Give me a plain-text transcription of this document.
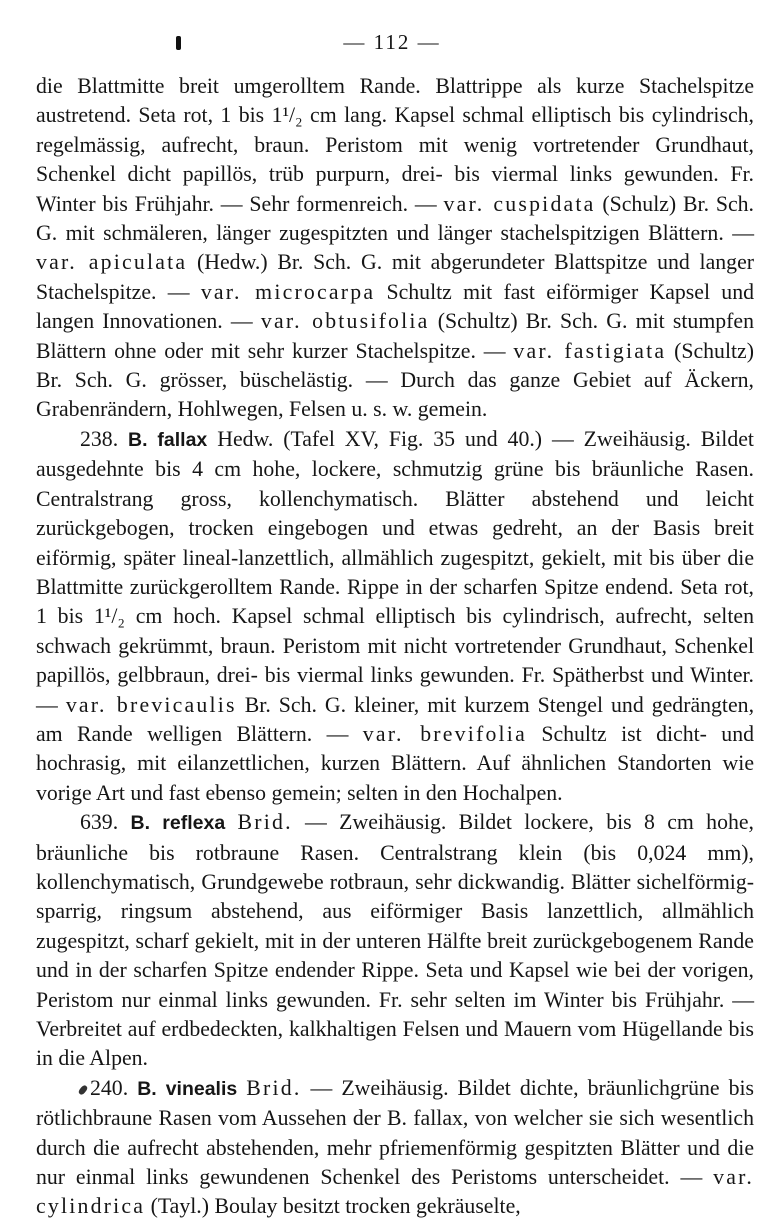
— 112 —

die Blattmitte breit umgerolltem Rande. Blattrippe als kurze Stachelspitze austretend. Seta rot, 1 bis 1¹/₂ cm lang. Kapsel schmal elliptisch bis cylindrisch, regelmässig, aufrecht, braun. Peristom mit wenig vortretender Grundhaut, Schenkel dicht papillös, trüb purpurn, drei- bis viermal links gewunden. Fr. Winter bis Frühjahr. — Sehr formenreich. — var. cuspidata (Schulz) Br. Sch. G. mit schmäleren, länger zugespitzten und länger stachelspitzigen Blättern. — var. apiculata (Hedw.) Br. Sch. G. mit abgerundeter Blattspitze und langer Stachelspitze. — var. microcarpa Schultz mit fast eiförmiger Kapsel und langen Innovationen. — var. obtusifolia (Schultz) Br. Sch. G. mit stumpfen Blättern ohne oder mit sehr kurzer Stachelspitze. — var. fastigiata (Schultz) Br. Sch. G. grösser, büschelästig. — Durch das ganze Gebiet auf Äckern, Grabenrändern, Hohlwegen, Felsen u. s. w. gemein.

238. B. fallax Hedw. (Tafel XV, Fig. 35 und 40.) — Zweihäusig. Bildet ausgedehnte bis 4 cm hohe, lockere, schmutzig grüne bis bräunliche Rasen. Centralstrang gross, kollenchymatisch. Blätter abstehend und leicht zurückgebogen, trocken eingebogen und etwas gedreht, an der Basis breit eiförmig, später lineal-lanzettlich, allmählich zugespitzt, gekielt, mit bis über die Blattmitte zurückgerolltem Rande. Rippe in der scharfen Spitze endend. Seta rot, 1 bis 1¹/₂ cm hoch. Kapsel schmal elliptisch bis cylindrisch, aufrecht, selten schwach gekrümmt, braun. Peristom mit nicht vortretender Grundhaut, Schenkel papillös, gelbbraun, drei- bis viermal links gewunden. Fr. Spätherbst und Winter. — var. brevicaulis Br. Sch. G. kleiner, mit kurzem Stengel und gedrängten, am Rande welligen Blättern. — var. brevifolia Schultz ist dicht- und hochrasig, mit eilanzettlichen, kurzen Blättern. Auf ähnlichen Standorten wie vorige Art und fast ebenso gemein; selten in den Hochalpen.

639. B. reflexa Brid. — Zweihäusig. Bildet lockere, bis 8 cm hohe, bräunliche bis rotbraune Rasen. Centralstrang klein (bis 0,024 mm), kollenchymatisch, Grundgewebe rotbraun, sehr dickwandig. Blätter sichelförmig-sparrig, ringsum abstehend, aus eiförmiger Basis lanzettlich, allmählich zugespitzt, scharf gekielt, mit in der unteren Hälfte breit zurückgebogenem Rande und in der scharfen Spitze endender Rippe. Seta und Kapsel wie bei der vorigen, Peristom nur einmal links gewunden. Fr. sehr selten im Winter bis Frühjahr. — Verbreitet auf erdbedeckten, kalkhaltigen Felsen und Mauern vom Hügellande bis in die Alpen.

240. B. vinealis Brid. — Zweihäusig. Bildet dichte, bräunlichgrüne bis rötlichbraune Rasen vom Aussehen der B. fallax, von welcher sie sich wesentlich durch die aufrecht abstehenden, mehr pfriemenförmig gespitzten Blätter und die nur einmal links gewundenen Schenkel des Peristoms unterscheidet. — var. cylindrica (Tayl.) Boulay besitzt trocken gekräuselte,
